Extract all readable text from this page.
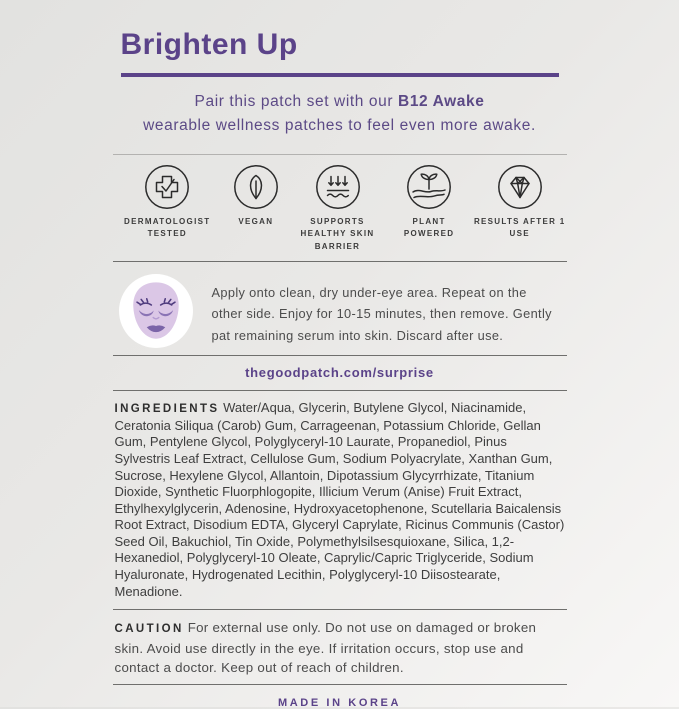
Brighten Up
Pair this patch set with our B12 Awake
wearable wellness patches to feel even more awake.
DERMATOLOGIST TESTED
VEGAN	SUPPORTS HEALTHY SKIN BARRIER
PLANT POWERED
RESULTS AFTER 1 USE
Apply onto clean, dry under-eye area. Repeat on the other side. Enjoy for 10-15 minutes, then remove. Gently pat remaining serum into skin. Discard after use.
thegoodpatch.com/surprise
INGREDIENTS Water/Aqua, Glycerin, Butylene Glycol, Niacinamide, Ceratonia Siliqua (Carob) Gum, Carrageenan, Potassium Chloride, Gellan Gum, Pentylene Glycol, Polyglyceryl-10 Laurate, Propanediol, Pinus Sylvestris Leaf Extract, Cellulose Gum, Sodium Polyacrylate, Xanthan Gum, Sucrose, Hexylene Glycol, Allantoin, Dipotassium Glycyrrhizate, Titanium Dioxide, Synthetic Fluorphlogopite, Illicium Verum (Anise) Fruit Extract, Ethylhexylglycerin, Adenosine, Hydroxyacetophenone, Scutellaria Baicalensis Root Extract, Disodium EDTA, Glyceryl Caprylate, Ricinus Communis (Castor) Seed Oil, Bakuchiol, Tin Oxide, Polymethylsilsesquioxane, Silica, 1,2-Hexanediol, Polyglyceryl-10 Oleate, Caprylic/Capric Triglyceride, Sodium Hyaluronate, Hydrogenated Lecithin, Polyglyceryl-10 Diisostearate, Menadione.
CAUTION For external use only. Do not use on damaged or broken skin. Avoid use directly in the eye. If irritation occurs, stop use and contact a doctor. Keep out of reach of children.
MADE IN KOREA
